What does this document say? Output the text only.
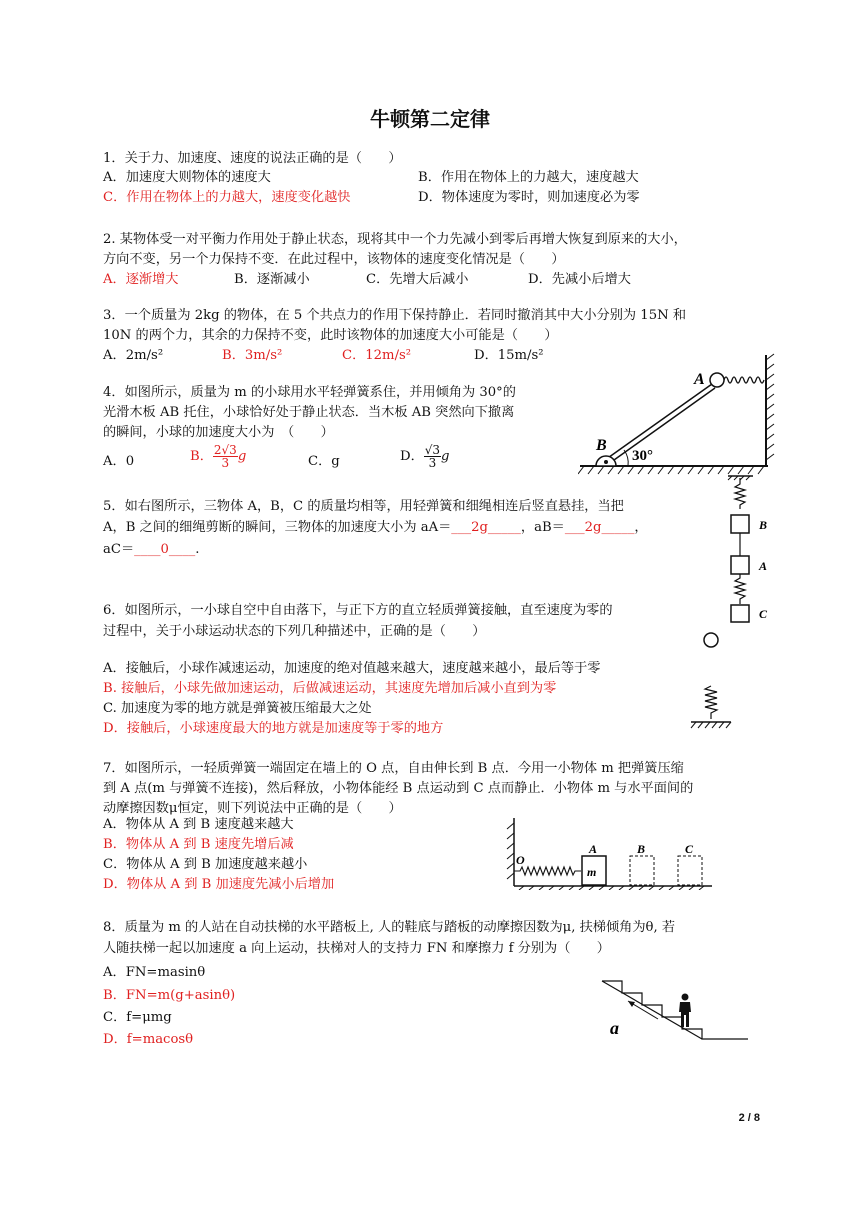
牛顿第二定律
1．关于力、加速度、速度的说法正确的是（　　）
A．加速度大则物体的速度大	B．作用在物体上的力越大，速度越大
C．作用在物体上的力越大，速度变化越快	D．物体速度为零时，则加速度必为零
2. 某物体受一对平衡力作用处于静止状态，现将其中一个力先减小到零后再增大恢复到原来的大小，
方向不变，另一个力保持不变．在此过程中，该物体的速度变化情况是（　　）
A．逐渐增大	B．逐渐减小	C．先增大后减小	D．先减小后增大
3．一个质量为 2kg 的物体，在 5 个共点力的作用下保持静止．若同时撤消其中大小分别为 15N 和
10N 的两个力，其余的力保持不变，此时该物体的加速度大小可能是（　　）
A．2m/s²	B．3m/s²	C．12m/s²	D．15m/s²
4．如图所示，质量为 m 的小球用水平轻弹簧系住，并用倾角为 30°的
光滑木板 AB 托住，小球恰好处于静止状态．当木板 AB 突然向下撤离
的瞬间，小球的加速度大小为　（　　）
A．0	B． $\frac{2√3}{3}$ g	C．g	D． $\frac{√3}{3}$ g
A
B
30°
5．如右图所示，三物体 A，B，C 的质量均相等，用轻弹簧和细绳相连后竖直悬挂，当把
A，B 之间的细绳剪断的瞬间，三物体的加速度大小为 aA＝___2g_____，aB＝___2g_____，
aC＝____0____.
B
A
C
6．如图所示，一小球自空中自由落下，与正下方的直立轻质弹簧接触，直至速度为零的
过程中，关于小球运动状态的下列几种描述中，正确的是（　　）
A．接触后，小球作减速运动，加速度的绝对值越来越大，速度越来越小，最后等于零
B. 接触后，小球先做加速运动，后做减速运动，其速度先增加后减小直到为零
C. 加速度为零的地方就是弹簧被压缩最大之处
D．接触后，小球速度最大的地方就是加速度等于零的地方
7．如图所示，一轻质弹簧一端固定在墙上的 O 点，自由伸长到 B 点．今用一小物体 m 把弹簧压缩
到 A 点(m 与弹簧不连接)，然后释放，小物体能经 B 点运动到 C 点而静止．小物体 m 与水平面间的
动摩擦因数μ恒定，则下列说法中正确的是（　　）
A．物体从 A 到 B 速度越来越大
B．物体从 A 到 B 速度先增后减
C．物体从 A 到 B 加速度越来越小
D．物体从 A 到 B 加速度先减小后增加
O
A	B	C
m
8．质量为 m 的人站在自动扶梯的水平踏板上, 人的鞋底与踏板的动摩擦因数为μ, 扶梯倾角为θ, 若
人随扶梯一起以加速度 a 向上运动，扶梯对人的支持力 FN 和摩擦力 f 分别为（　　）
A．FN=masinθ
B．FN=m(g+asinθ)
C．f=μmg
D．f=macosθ
a
2 / 8
